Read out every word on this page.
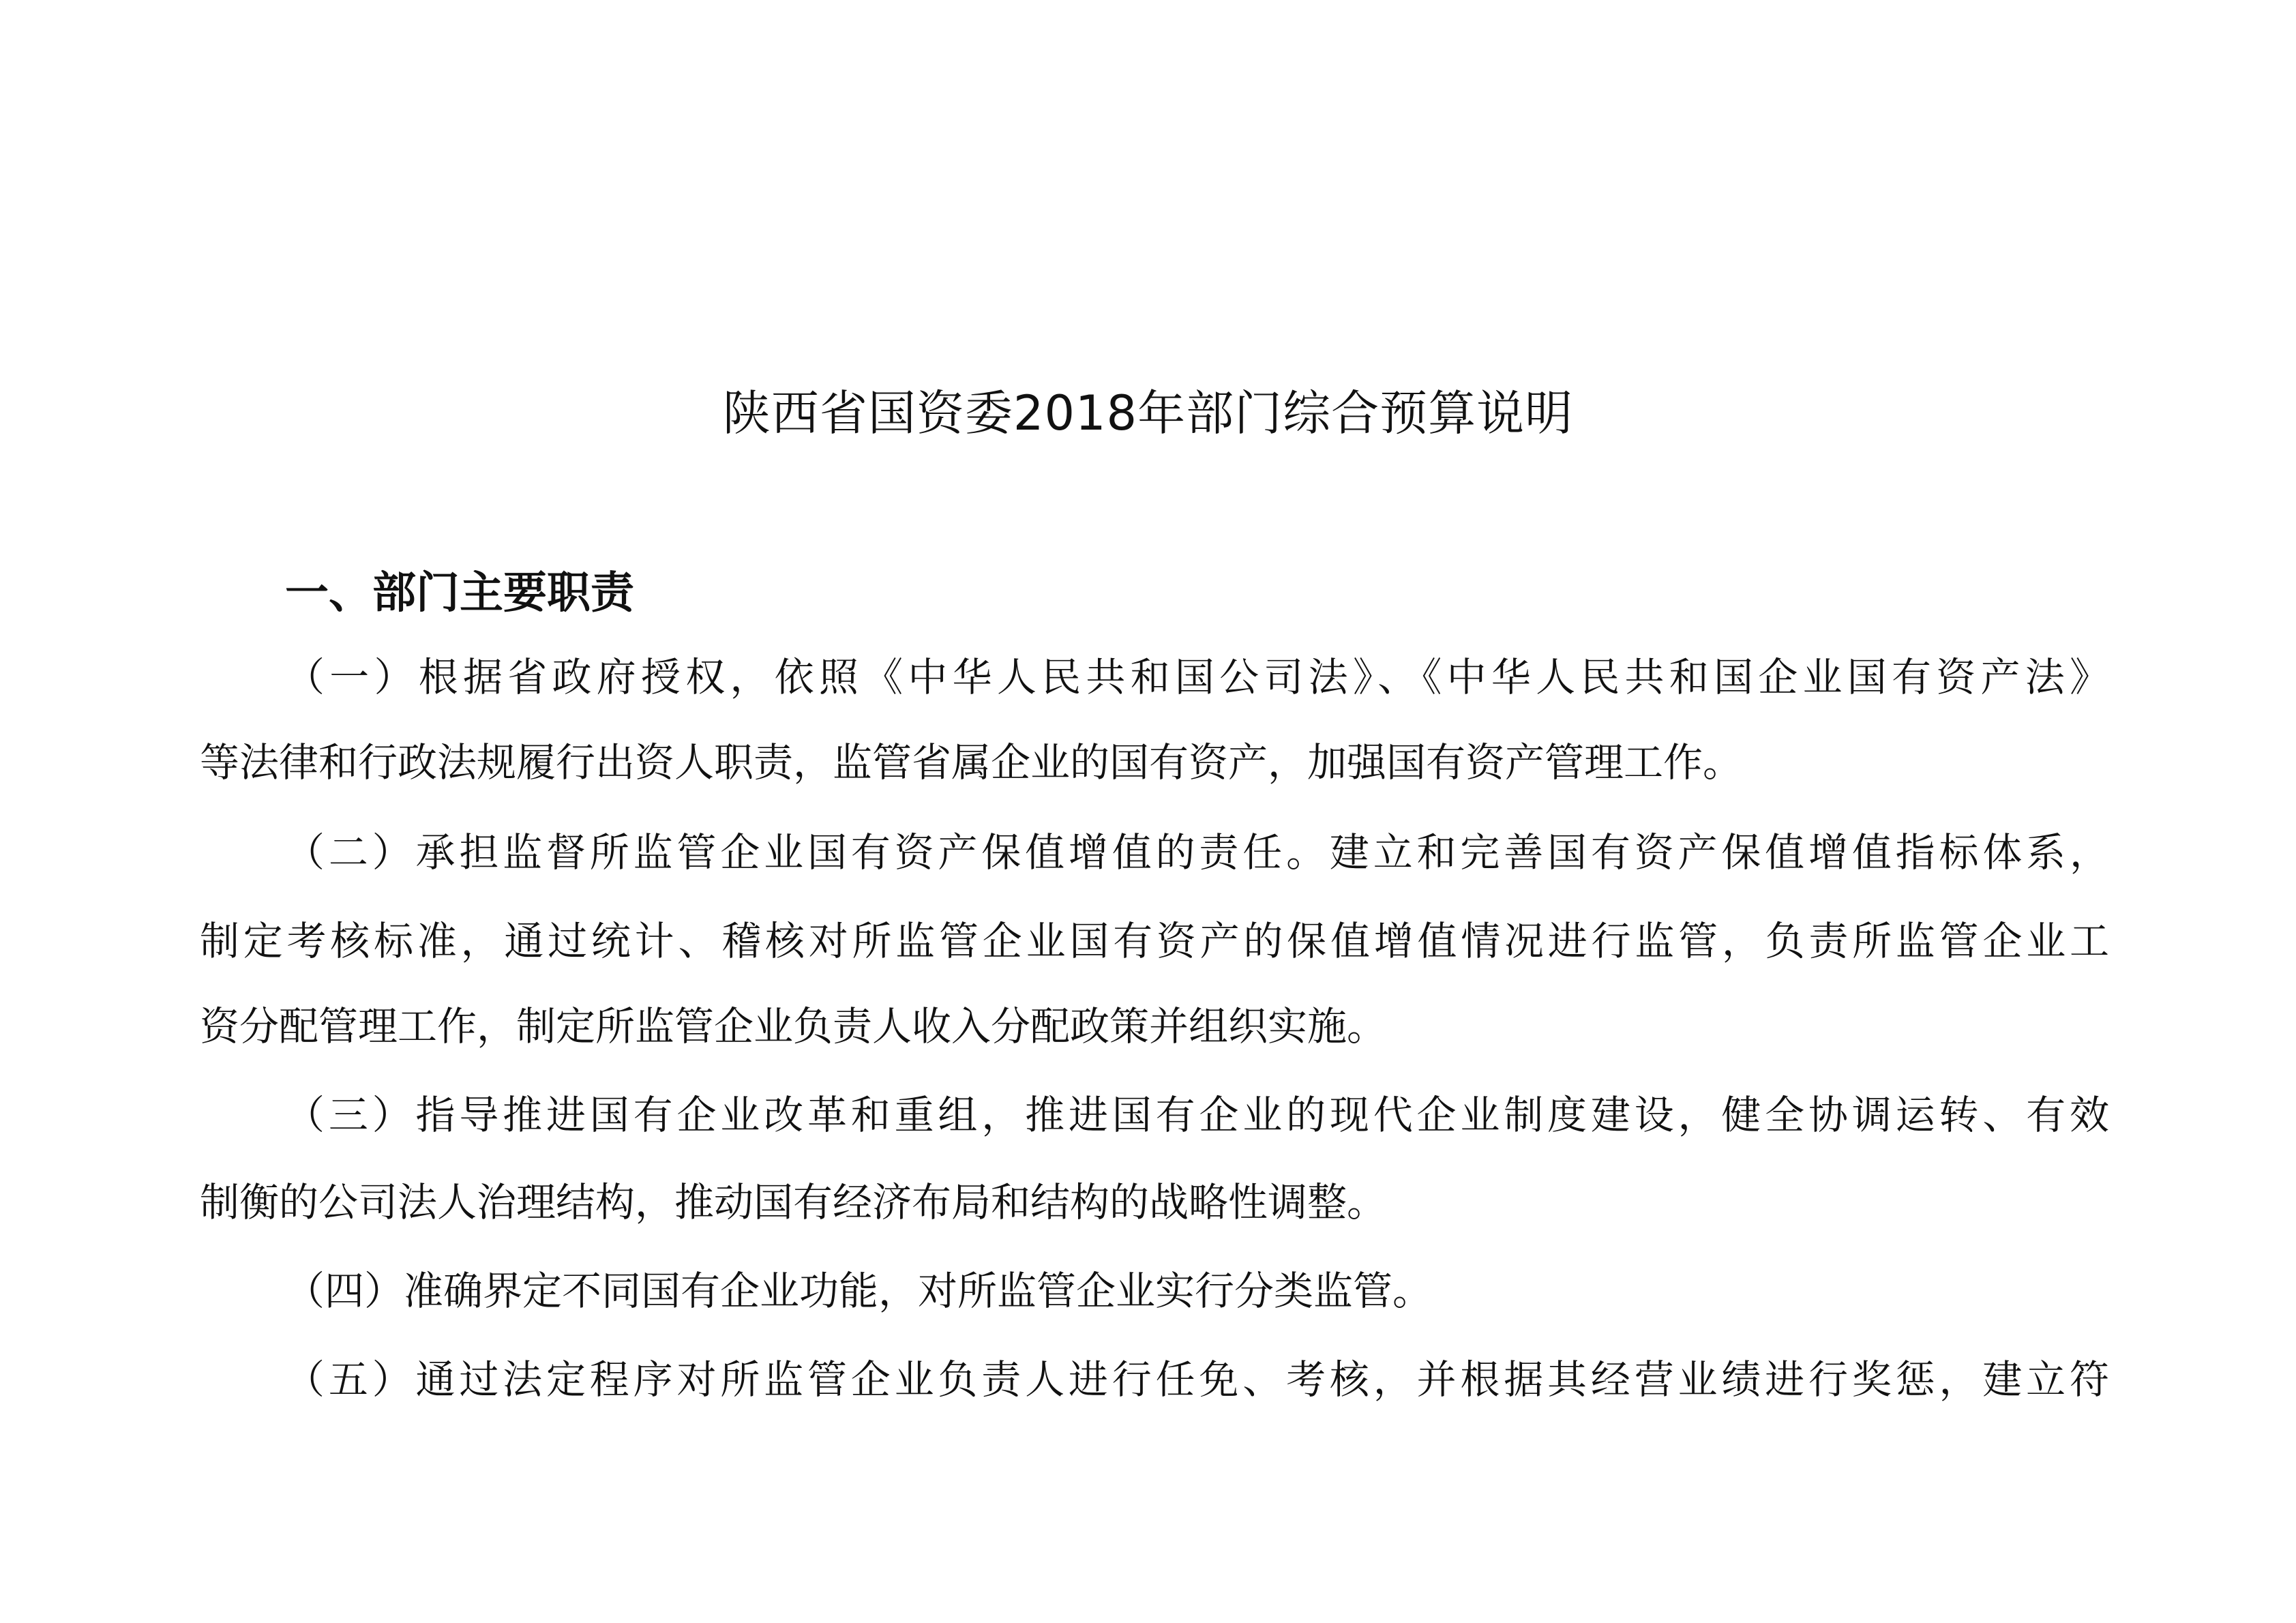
陕西省国资委2018年部门综合预算说明
一、部门主要职责
（一）根据省政府授权，依照《中华人民共和国公司法》、《中华人民共和国企业国有资产法》
等法律和行政法规履行出资人职责，监管省属企业的国有资产，加强国有资产管理工作。
（二）承担监督所监管企业国有资产保值增值的责任。建立和完善国有资产保值增值指标体系，
制定考核标准，通过统计、稽核对所监管企业国有资产的保值增值情况进行监管，负责所监管企业工
资分配管理工作，制定所监管企业负责人收入分配政策并组织实施。
（三）指导推进国有企业改革和重组，推进国有企业的现代企业制度建设，健全协调运转、有效
制衡的公司法人治理结构，推动国有经济布局和结构的战略性调整。
（四）准确界定不同国有企业功能，对所监管企业实行分类监管。
（五）通过法定程序对所监管企业负责人进行任免、考核，并根据其经营业绩进行奖惩，建立符
